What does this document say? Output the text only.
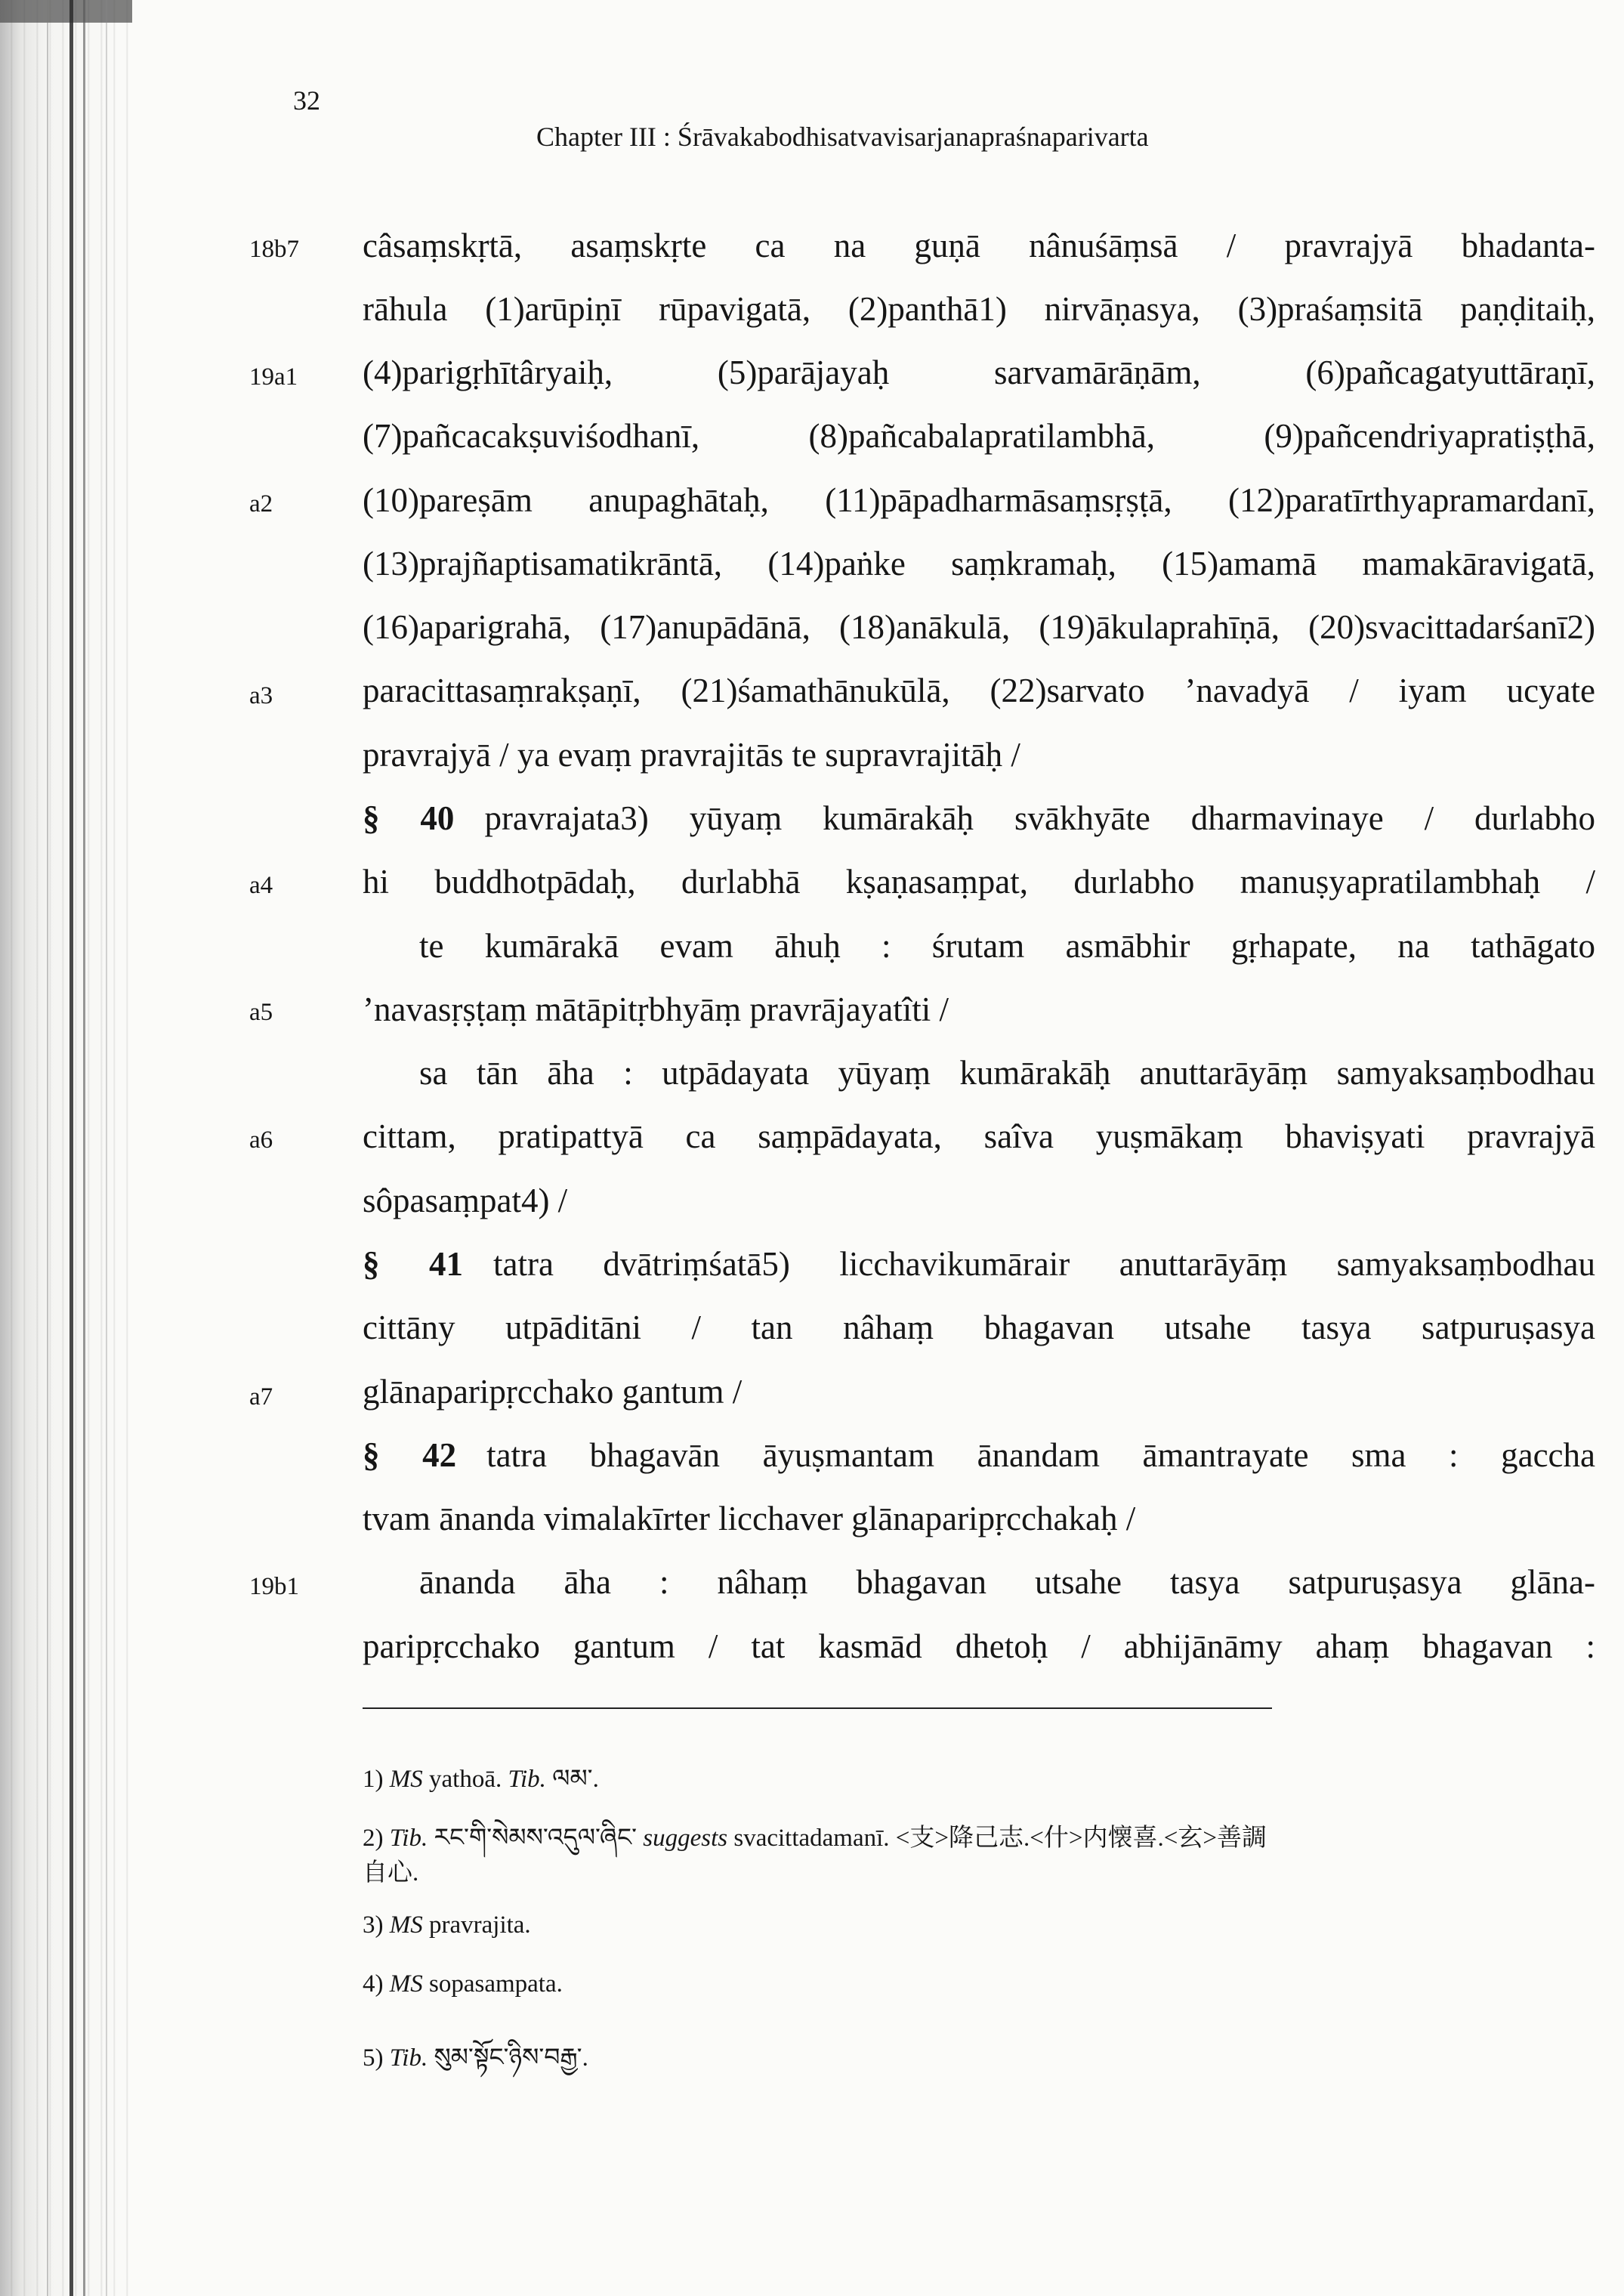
32
Chapter III : Śrāvakabodhisatvavisarjanapraśnaparivarta
18b7
19a1
a2
a3
a4
a5
a6
a7
19b1
câsaṃskṛtā, asaṃskṛte ca na guṇā nânuśāṃsā / pravrajyā bhadanta-
rāhula (1)arūpiṇī rūpavigatā, (2)panthā1) nirvāṇasya, (3)praśaṃsitā paṇḍitaiḥ,
(4)parigṛhītâryaiḥ, (5)parājayaḥ sarvamārāṇām, (6)pañcagatyuttāraṇī,
(7)pañcacakṣuviśodhanī, (8)pañcabalapratilambhā, (9)pañcendriyapratiṣṭhā,
(10)pareṣām anupaghātaḥ, (11)pāpadharmāsaṃsṛṣṭā, (12)paratīrthyapramardanī,
(13)prajñaptisamatikrāntā, (14)paṅke saṃkramaḥ, (15)amamā mamakāravigatā,
(16)aparigrahā, (17)anupādānā, (18)anākulā, (19)ākulaprahīṇā, (20)svacittadarśanī2)
paracittasaṃrakṣaṇī, (21)śamathānukūlā, (22)sarvato ’navadyā / iyam ucyate
pravrajyā / ya evaṃ pravrajitās te supravrajitāḥ /
§ 40 pravrajata3) yūyaṃ kumārakāḥ svākhyāte dharmavinaye / durlabho
hi buddhotpādaḥ, durlabhā kṣaṇasaṃpat, durlabho manuṣyapratilambhaḥ /
te kumārakā evam āhuḥ : śrutam asmābhir gṛhapate, na tathāgato
’navasṛṣṭaṃ mātāpitṛbhyāṃ pravrājayatîti /
sa tān āha : utpādayata yūyaṃ kumārakāḥ anuttarāyāṃ samyaksaṃbodhau
cittam, pratipattyā ca saṃpādayata, saîva yuṣmākaṃ bhaviṣyati pravrajyā
sôpasaṃpat4) /
§ 41 tatra dvātriṃśatā5) licchavikumārair anuttarāyāṃ samyaksaṃbodhau
cittāny utpāditāni / tan nâhaṃ bhagavan utsahe tasya satpuruṣasya
glānaparipṛcchako gantum /
§ 42 tatra bhagavān āyuṣmantam ānandam āmantrayate sma : gaccha
tvam ānanda vimalakīrter licchaver glānaparipṛcchakaḥ /
ānanda āha : nâhaṃ bhagavan utsahe tasya satpuruṣasya glāna-
paripṛcchako gantum / tat kasmād dhetoḥ / abhijānāmy ahaṃ bhagavan :
1) MS yathoā. Tib. ལམ་.
2) Tib. རང་གི་སེམས་འདུལ་ཞིང་ suggests svacittadamanī. <支>降己志.<什>内懐喜.<玄>善調
自心.
3) MS pravrajita.
4) MS sopasampata.
5) Tib. སུམ་སྟོང་ཉིས་བརྒྱ་.
